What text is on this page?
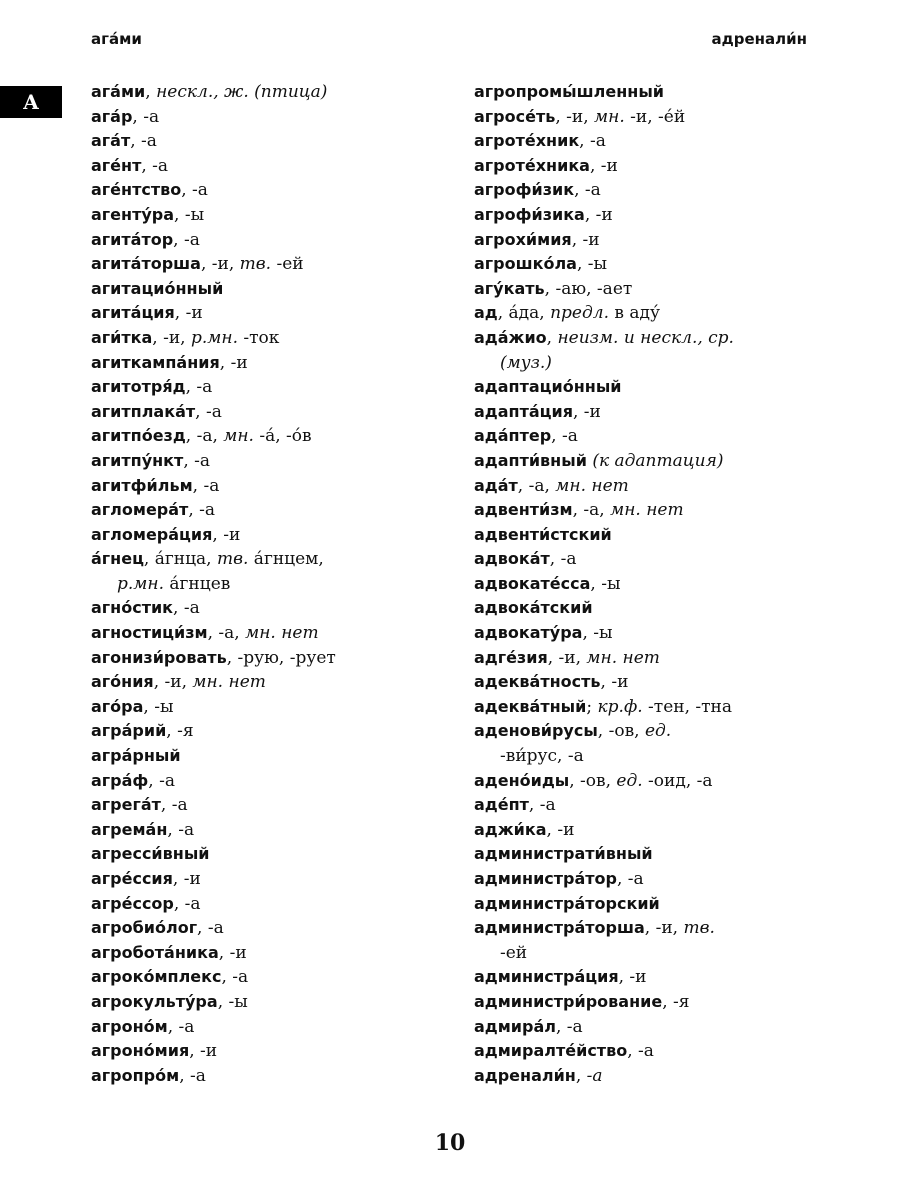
ага́ми	адренали́н
А	ага́ми, нескл., ж. (птица)
ага́р, -а
ага́т, -а
аге́нт, -а
аге́нтство, -а
агенту́ра, -ы
агита́тор, -а
агита́торша, -и, тв. -ей
агитацио́нный
агита́ция, -и
аги́тка, -и, р.мн. -ток
агиткампа́ния, -и
агитотря́д, -а
агитплака́т, -а
агитпо́езд, -а, мн. -а́, -о́в
агитпу́нкт, -а
агитфи́льм, -а
агломера́т, -а
агломера́ция, -и
а́гнец, а́гнца, тв. а́гнцем,
р.мн. а́гнцев
агно́стик, -а
агностици́зм, -а, мн. нет
агонизи́ровать, -рую, -рует
аго́ния, -и, мн. нет
аго́ра, -ы
агра́рий, -я
агра́рный
агра́ф, -а
агрега́т, -а
агрема́н, -а
агресси́вный
агре́ссия, -и
агре́ссор, -а
агробио́лог, -а
агробота́ника, -и
агроко́мплекс, -а
агрокульту́ра, -ы
агроно́м, -а
агроно́мия, -и
агропро́м, -а
агропромы́шленный
агросе́ть, -и, мн. -и, -е́й
агроте́хник, -а
агроте́хника, -и
агрофи́зик, -а
агрофи́зика, -и
агрохи́мия, -и
агрошко́ла, -ы
агу́кать, -аю, -ает
ад, а́да, предл. в аду́
ада́жио, неизм. и нескл., ср.
(муз.)
адаптацио́нный
адапта́ция, -и
ада́птер, -а
адапти́вный (к адаптация)
ада́т, -а, мн. нет
адвенти́зм, -а, мн. нет
адвенти́стский
адвока́т, -а
адвокате́сса, -ы
адвока́тский
адвокату́ра, -ы
адге́зия, -и, мн. нет
адеква́тность, -и
адеква́тный; кр.ф. -тен, -тна
аденови́русы, -ов, ед.
-ви́рус, -а
адено́иды, -ов, ед. -оид, -а
аде́пт, -а
аджи́ка, -и
администрати́вный
администра́тор, -а
администра́торский
администра́торша, -и, тв.
-ей
администра́ция, -и
администри́рование, -я
адмира́л, -а
адмиралте́йство, -а
адренали́н, -а
10
